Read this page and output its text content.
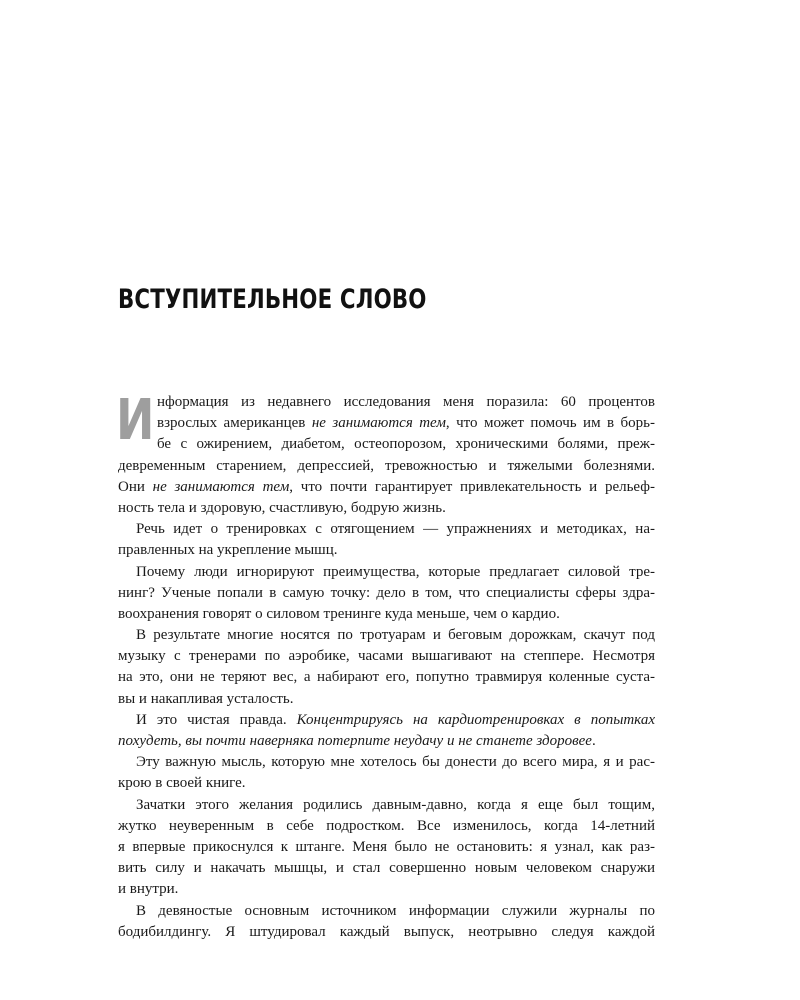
ВСТУПИТЕЛЬНОЕ СЛОВО
И нформация из недавнего исследования меня поразила: 60 процентов
взрослых американцев не занимаются тем, что может помочь им в борь-
бе с ожирением, диабетом, остеопорозом, хроническими болями, преж-
девременным старением, депрессией, тревожностью и тяжелыми болезнями.
Они не занимаются тем, что почти гарантирует привлекательность и рельеф-
ность тела и здоровую, счастливую, бодрую жизнь.
Речь идет о тренировках с отягощением — упражнениях и методиках, на-
правленных на укрепление мышц.
Почему люди игнорируют преимущества, которые предлагает силовой тре-
нинг? Ученые попали в самую точку: дело в том, что специалисты сферы здра-
воохранения говорят о силовом тренинге куда меньше, чем о кардио.
В результате многие носятся по тротуарам и беговым дорожкам, скачут под
музыку с тренерами по аэробике, часами вышагивают на степпере. Несмотря
на это, они не теряют вес, а набирают его, попутно травмируя коленные суста-
вы и накапливая усталость.
И это чистая правда. Концентрируясь на кардиотренировках в попытках
похудеть, вы почти наверняка потерпите неудачу и не станете здоровее.
Эту важную мысль, которую мне хотелось бы донести до всего мира, я и рас-
крою в своей книге.
Зачатки этого желания родились давным-давно, когда я еще был тощим,
жутко неуверенным в себе подростком. Все изменилось, когда 14-летний
я впервые прикоснулся к штанге. Меня было не остановить: я узнал, как раз-
вить силу и накачать мышцы, и стал совершенно новым человеком снаружи
и внутри.
В девяностые основным источником информации служили журналы по
бодибилдингу. Я штудировал каждый выпуск, неотрывно следуя каждой
